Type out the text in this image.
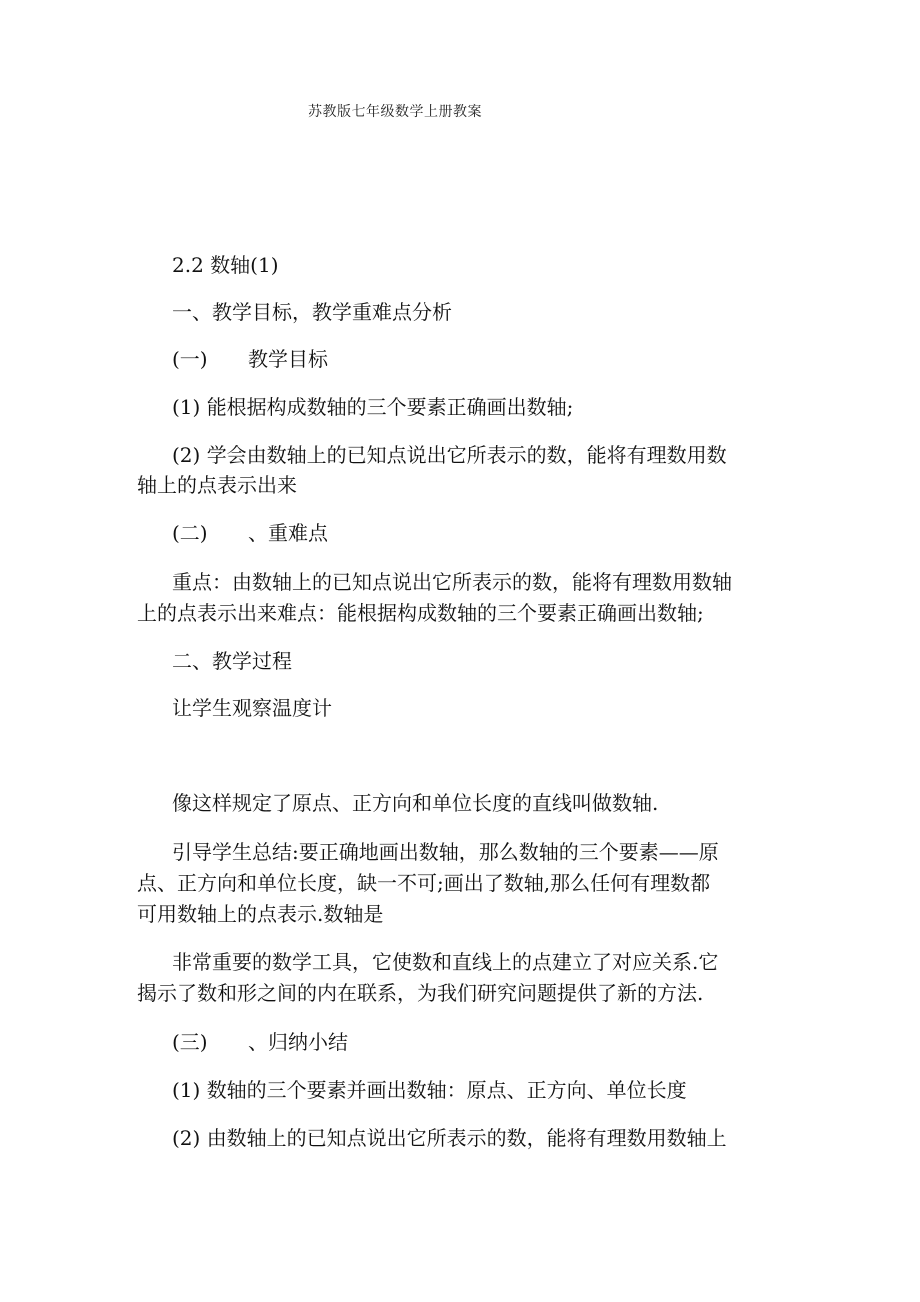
苏教版七年级数学上册教案
2.2 数轴(1)
一、教学目标，教学重难点分析
(一) 教学目标
(1) 能根据构成数轴的三个要素正确画出数轴;
(2) 学会由数轴上的已知点说出它所表示的数，能将有理数用数
轴上的点表示出来
(二) 、重难点
重点：由数轴上的已知点说出它所表示的数，能将有理数用数轴
上的点表示出来难点：能根据构成数轴的三个要素正确画出数轴;
二、教学过程
让学生观察温度计
像这样规定了原点、正方向和单位长度的直线叫做数轴.
引导学生总结:要正确地画出数轴，那么数轴的三个要素——原
点、正方向和单位长度，缺一不可;画出了数轴,那么任何有理数都
可用数轴上的点表示.数轴是
非常重要的数学工具，它使数和直线上的点建立了对应关系.它
揭示了数和形之间的内在联系，为我们研究问题提供了新的方法.
(三) 、归纳小结
(1) 数轴的三个要素并画出数轴：原点、正方向、单位长度
(2) 由数轴上的已知点说出它所表示的数，能将有理数用数轴上
